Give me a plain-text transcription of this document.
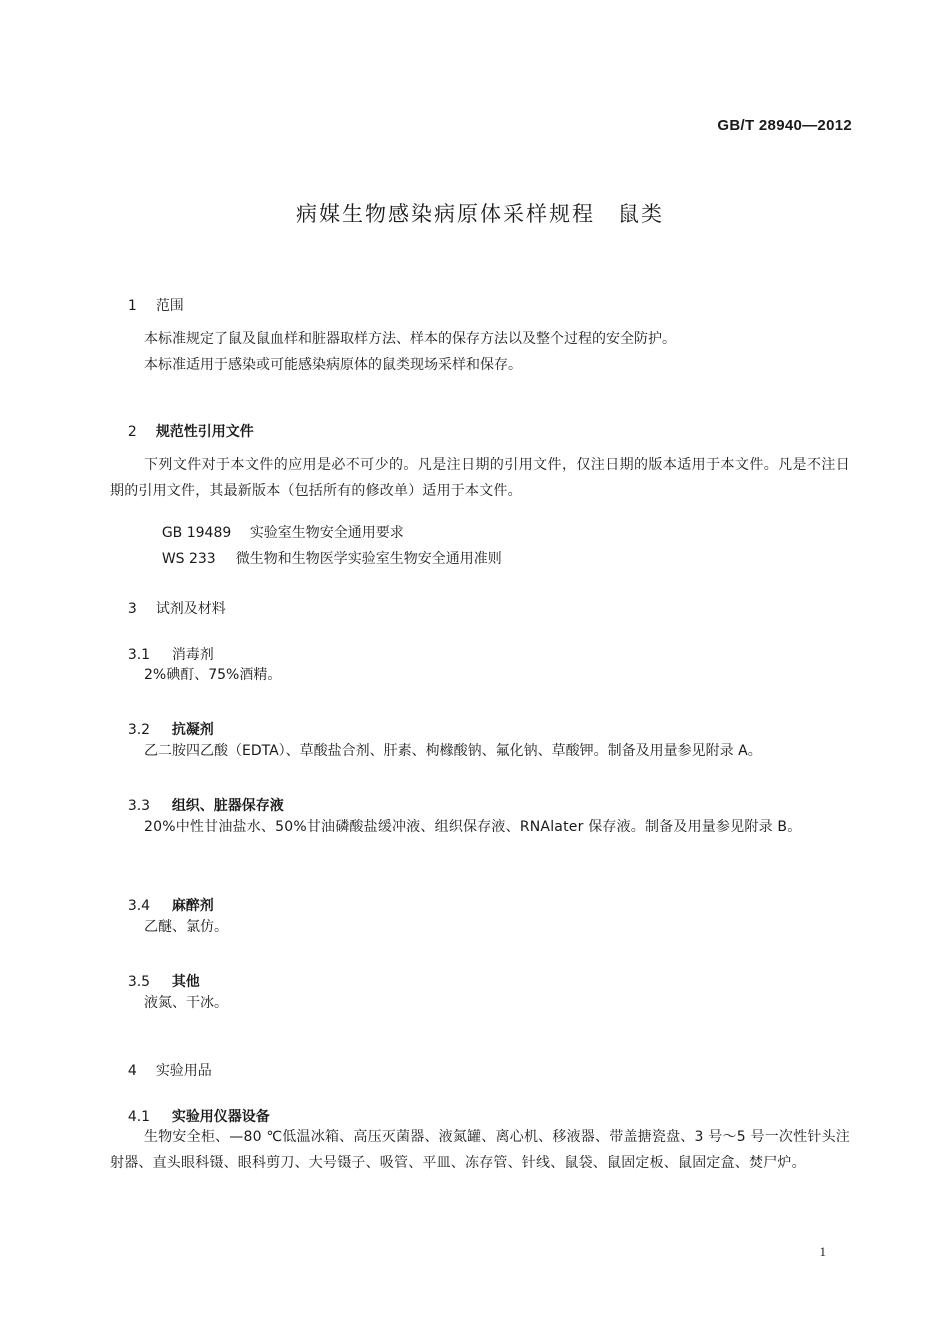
GB/T 28940—2012
病媒生物感染病原体采样规程　鼠类

1 范围

本标准规定了鼠及鼠血样和脏器取样方法、样本的保存方法以及整个过程的安全防护。
本标准适用于感染或可能感染病原体的鼠类现场采样和保存。

2 规范性引用文件

下列文件对于本文件的应用是必不可少的。凡是注日期的引用文件，仅注日期的版本适用于本文件。凡是不注日期的引用文件，其最新版本（包括所有的修改单）适用于本文件。

GB 19489 实验室生物安全通用要求

WS 233 微生物和生物医学实验室生物安全通用准则

3 试剂及材料

3.1 消毒剂

2%碘酊、75%酒精。

3.2 抗凝剂

乙二胺四乙酸（EDTA）、草酸盐合剂、肝素、枸橼酸钠、氟化钠、草酸钾。制备及用量参见附录 A。

3.3 组织、脏器保存液

20%中性甘油盐水、50%甘油磷酸盐缓冲液、组织保存液、RNAlater 保存液。制备及用量参见附录 B。

3.4 麻醉剂

乙醚、氯仿。

3.5 其他

液氮、干冰。

4 实验用品

4.1 实验用仪器设备

生物安全柜、—80 ℃低温冰箱、高压灭菌器、液氮罐、离心机、移液器、带盖搪瓷盘、3 号～5 号一次性针头注射器、直头眼科镊、眼科剪刀、大号镊子、吸管、平皿、冻存管、针线、鼠袋、鼠固定板、鼠固定盒、焚尸炉。
1
